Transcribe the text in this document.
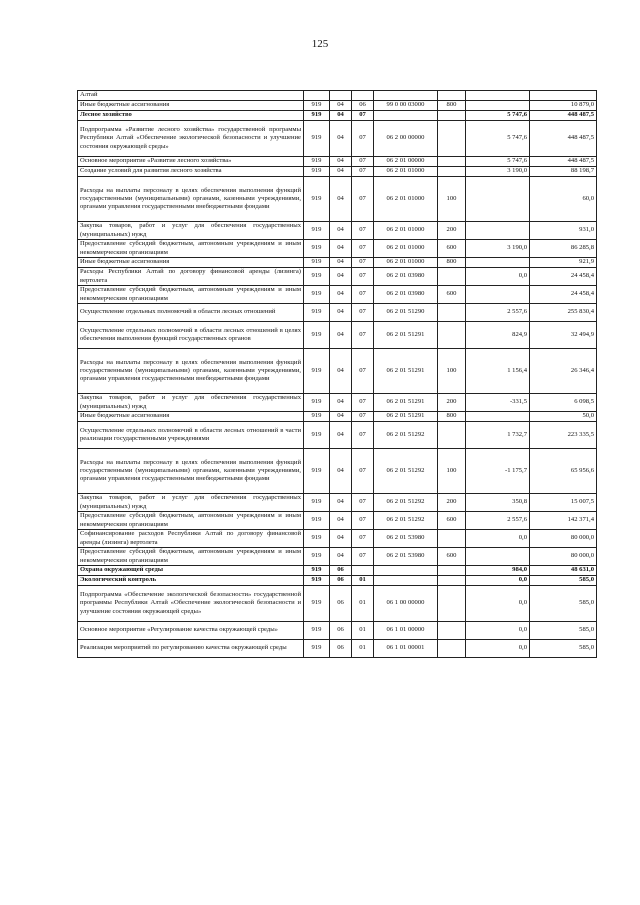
125
Алтай							
Иные бюджетные ассигнования	919	04	06	99 0 00 03000	800		10 879,0
Лесное хозяйство	919	04	07			5 747,6	448 487,5
Подпрограмма «Развитие лесного хозяйства» государственной программы Республики Алтай «Обеспечение экологической безопасности и улучшение состояния окружающей среды»	919	04	07	06 2 00 00000		5 747,6	448 487,5
Основное мероприятие «Развитие лесного хозяйства»	919	04	07	06 2 01 00000		5 747,6	448 487,5
Создание условий для развития лесного хозяйства	919	04	07	06 2 01 01000		3 190,0	88 198,7
Расходы на выплаты персоналу в целях обеспечения выполнения функций государственными (муниципальными) органами, казенными учреждениями, органами управления государственными внебюджетными фондами	919	04	07	06 2 01 01000	100		60,0
Закупка товаров, работ и услуг для обеспечения государственных (муниципальных) нужд	919	04	07	06 2 01 01000	200		931,0
Предоставление субсидий бюджетным, автономным учреждениям и иным некоммерческим организациям	919	04	07	06 2 01 01000	600	3 190,0	86 285,8
Иные бюджетные ассигнования	919	04	07	06 2 01 01000	800		921,9
Расходы Республики Алтай по договору финансовой аренды (лизинга) вертолета	919	04	07	06 2 01 03980		0,0	24 458,4
Предоставление субсидий бюджетным, автономным учреждениям и иным некоммерческим организациям	919	04	07	06 2 01 03980	600		24 458,4
Осуществление отдельных полномочий в области лесных отношений	919	04	07	06 2 01 51290		2 557,6	255 830,4
Осуществление отдельных полномочий в области лесных отношений в целях обеспечения выполнения функций государственных органов	919	04	07	06 2 01 51291		824,9	32 494,9
Расходы на выплаты персоналу в целях обеспечения выполнения функций государственными (муниципальными) органами, казенными учреждениями, органами управления государственными внебюджетными фондами	919	04	07	06 2 01 51291	100	1 156,4	26 346,4
Закупка товаров, работ и услуг для обеспечения государственных (муниципальных) нужд	919	04	07	06 2 01 51291	200	-331,5	6 098,5
Иные бюджетные ассигнования	919	04	07	06 2 01 51291	800		50,0
Осуществление отдельных полномочий в области лесных отношений в части реализации государственными учреждениями	919	04	07	06 2 01 51292		1 732,7	223 335,5
Расходы на выплаты персоналу в целях обеспечения выполнения функций государственными (муниципальными) органами, казенными учреждениями, органами управления государственными внебюджетными фондами	919	04	07	06 2 01 51292	100	-1 175,7	65 956,6
Закупка товаров, работ и услуг для обеспечения государственных (муниципальных) нужд	919	04	07	06 2 01 51292	200	350,8	15 007,5
Предоставление субсидий бюджетным, автономным учреждениям и иным некоммерческим организациям	919	04	07	06 2 01 51292	600	2 557,6	142 371,4
Софинансирование расходов Республики Алтай по договору финансовой аренды (лизинга) вертолета	919	04	07	06 2 01 53980		0,0	80 000,0
Предоставление субсидий бюджетным, автономным учреждениям и иным некоммерческим организациям	919	04	07	06 2 01 53980	600		80 000,0
Охрана окружающей среды	919	06				984,0	48 631,0
Экологический контроль	919	06	01			0,0	585,0
Подпрограмма «Обеспечение экологической безопасности» государственной программы Республики Алтай «Обеспечение экологической безопасности и улучшение состояния окружающей среды»	919	06	01	06 1 00 00000		0,0	585,0
Основное мероприятие «Регулирование качества окружающей среды»	919	06	01	06 1 01 00000		0,0	585,0
Реализация мероприятий по регулированию качества окружающей среды	919	06	01	06 1 01 00001		0,0	585,0
